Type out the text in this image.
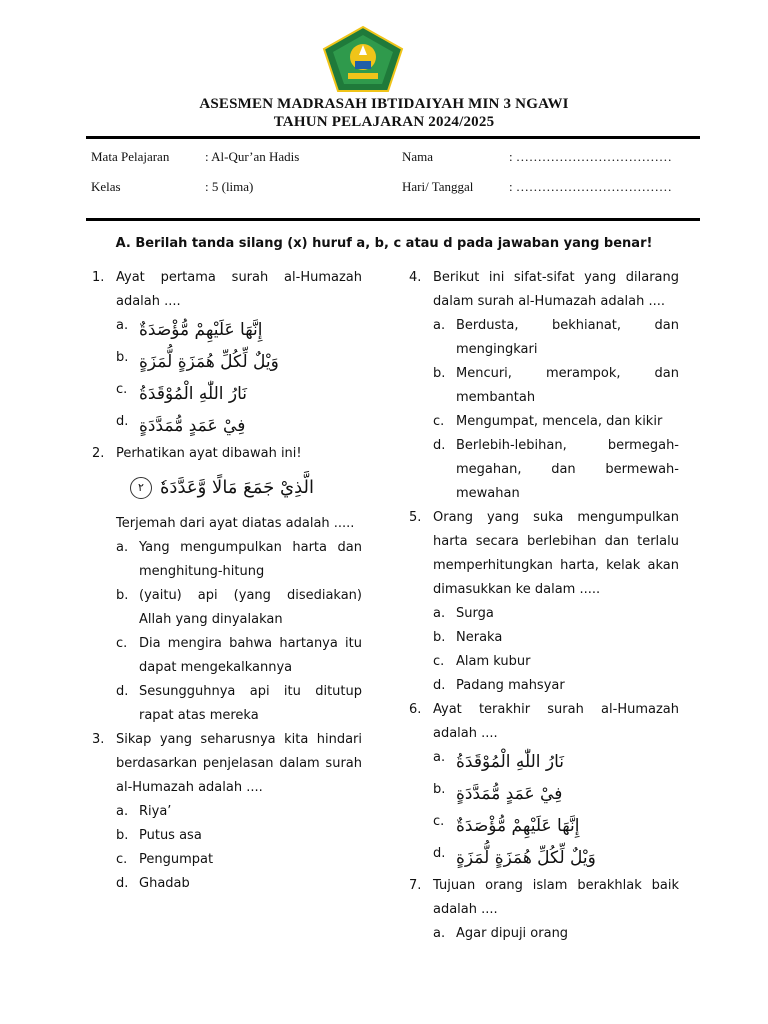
ASESMEN MADRASAH IBTIDAIYAH MIN 3 NGAWI
TAHUN PELAJARAN 2024/2025
Mata Pelajaran	: Al-Qur’an Hadis	Nama	: ………………………………
Kelas	: 5 (lima)	Hari/ Tanggal	: ………………………………
A. Berilah tanda silang (x) huruf a, b, c atau d pada jawaban yang benar!
1. Ayat pertama surah al-Humazah adalah ....
a. إِنَّهَا عَلَيْهِمْ مُّؤْصَدَةٌ
b. وَيْلٌ لِّكُلِّ هُمَزَةٍ لُّمَزَةٍ
c. نَارُ اللّٰهِ الْمُوْقَدَةُ
d. فِيْ عَمَدٍ مُّمَدَّدَةٍ
2. Perhatikan ayat dibawah ini!
٢ الَّذِيْ جَمَعَ مَالًا وَّعَدَّدَهٗ
Terjemah dari ayat diatas adalah .....
a. Yang mengumpulkan harta dan menghitung-hitung
b. (yaitu) api (yang disediakan) Allah yang dinyalakan
c. Dia mengira bahwa hartanya itu dapat mengekalkannya
d. Sesungguhnya api itu ditutup rapat atas mereka
3. Sikap yang seharusnya kita hindari berdasarkan penjelasan dalam surah al-Humazah adalah ....
a. Riya’
b. Putus asa
c. Pengumpat
d. Ghadab
4. Berikut ini sifat-sifat yang dilarang dalam surah al-Humazah adalah ....
a. Berdusta, bekhianat, dan mengingkari
b. Mencuri, merampok, dan membantah
c. Mengumpat, mencela, dan kikir
d. Berlebih-lebihan, bermegah-megahan, dan bermewah-mewahan
5. Orang yang suka mengumpulkan harta secara berlebihan dan terlalu memperhitungkan harta, kelak akan dimasukkan ke dalam .....
a. Surga
b. Neraka
c. Alam kubur
d. Padang mahsyar
6. Ayat terakhir surah al-Humazah adalah ....
a. نَارُ اللّٰهِ الْمُوْقَدَةُ
b. فِيْ عَمَدٍ مُّمَدَّدَةٍ
c. إِنَّهَا عَلَيْهِمْ مُّؤْصَدَةٌ
d. وَيْلٌ لِّكُلِّ هُمَزَةٍ لُّمَزَةٍ
7. Tujuan orang islam berakhlak baik adalah ....
a. Agar dipuji orang
